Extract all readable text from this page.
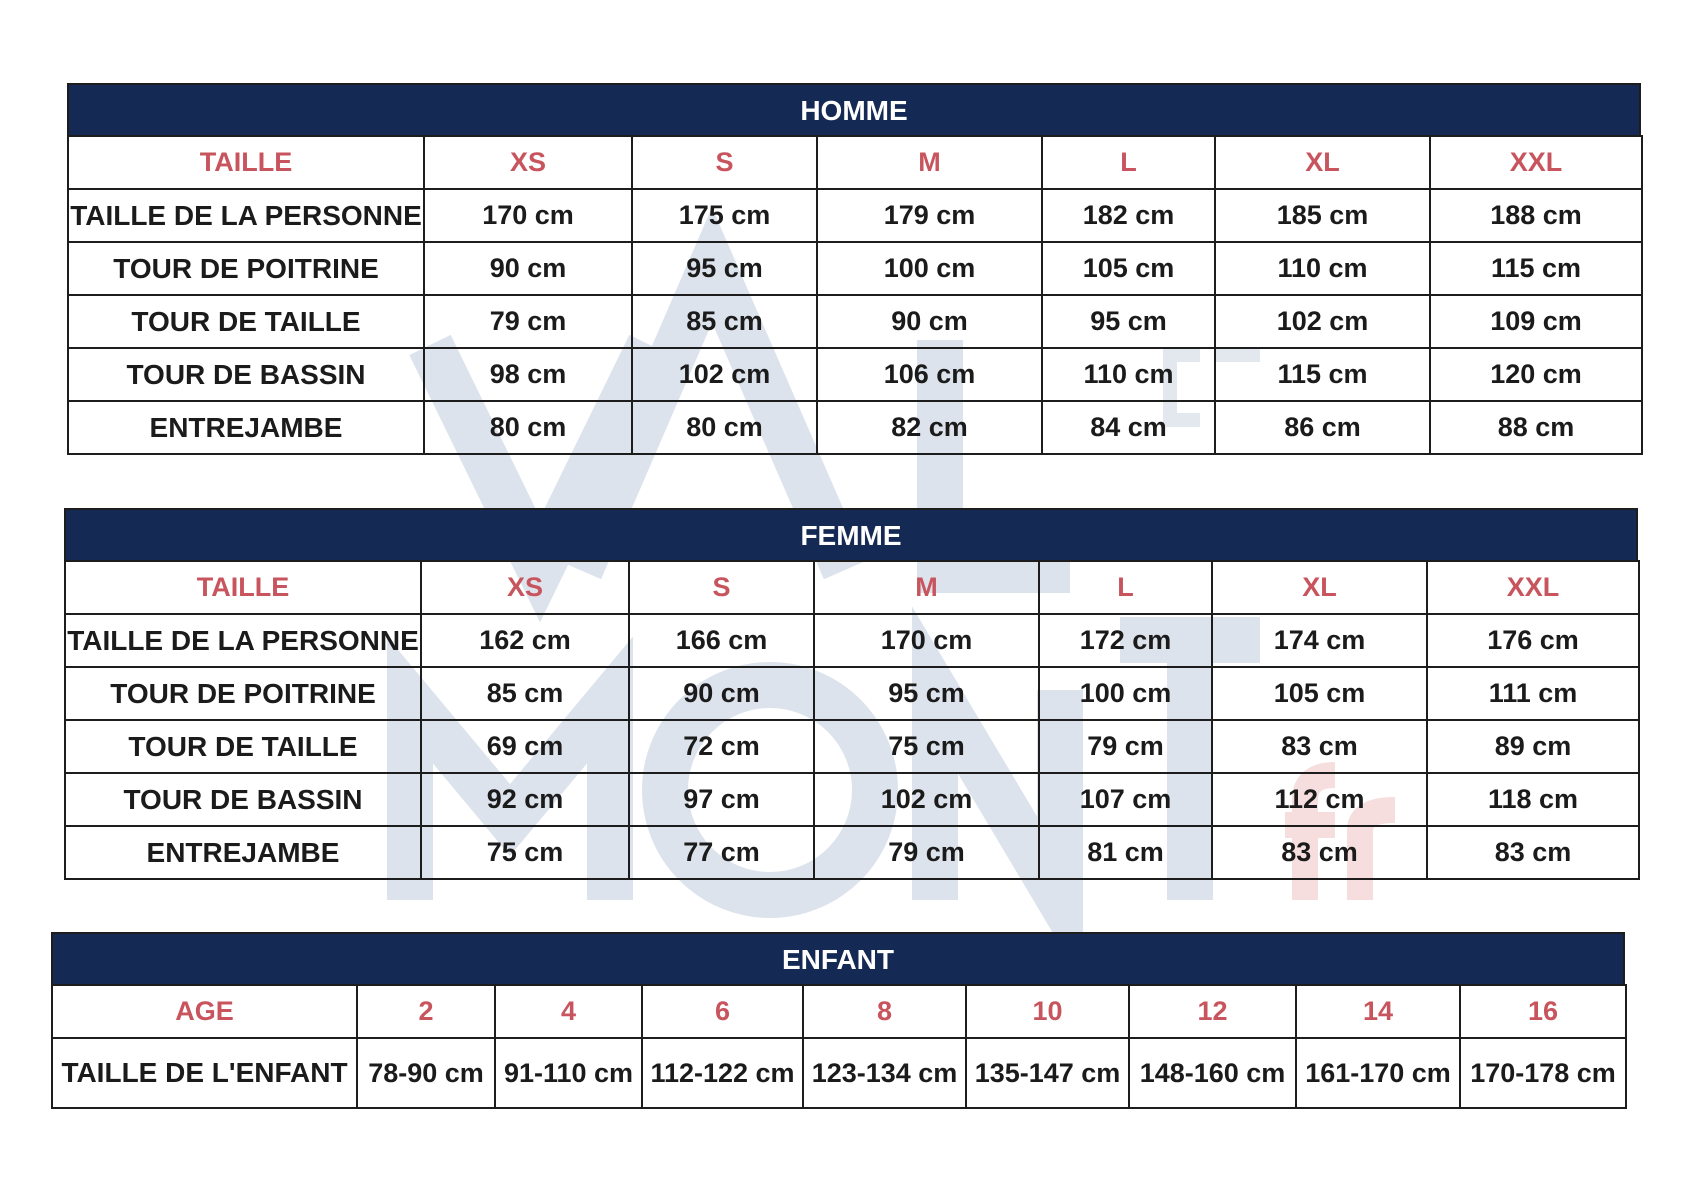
HOMME
TAILLE	XS	S	M	L	XL	XXL
TAILLE DE LA PERSONNE	170 cm	175 cm	179 cm	182 cm	185 cm	188 cm
TOUR DE POITRINE	90 cm	95 cm	100 cm	105 cm	110 cm	115 cm
TOUR DE TAILLE	79 cm	85 cm	90 cm	95 cm	102 cm	109 cm
TOUR DE BASSIN	98 cm	102 cm	106 cm	110 cm	115 cm	120 cm
ENTREJAMBE	80 cm	80 cm	82 cm	84 cm	86 cm	88 cm
FEMME
TAILLE	XS	S	M	L	XL	XXL
TAILLE DE LA PERSONNE	162 cm	166 cm	170 cm	172 cm	174 cm	176 cm
TOUR DE POITRINE	85 cm	90 cm	95 cm	100 cm	105 cm	111 cm
TOUR DE TAILLE	69 cm	72 cm	75 cm	79 cm	83 cm	89 cm
TOUR DE BASSIN	92 cm	97 cm	102 cm	107 cm	112 cm	118 cm
ENTREJAMBE	75 cm	77 cm	79 cm	81 cm	83 cm	83 cm
ENFANT
AGE	2	4	6	8	10	12	14	16
TAILLE DE L'ENFANT	78-90 cm	91-110 cm	112-122 cm	123-134 cm	135-147 cm	148-160 cm	161-170 cm	170-178 cm
